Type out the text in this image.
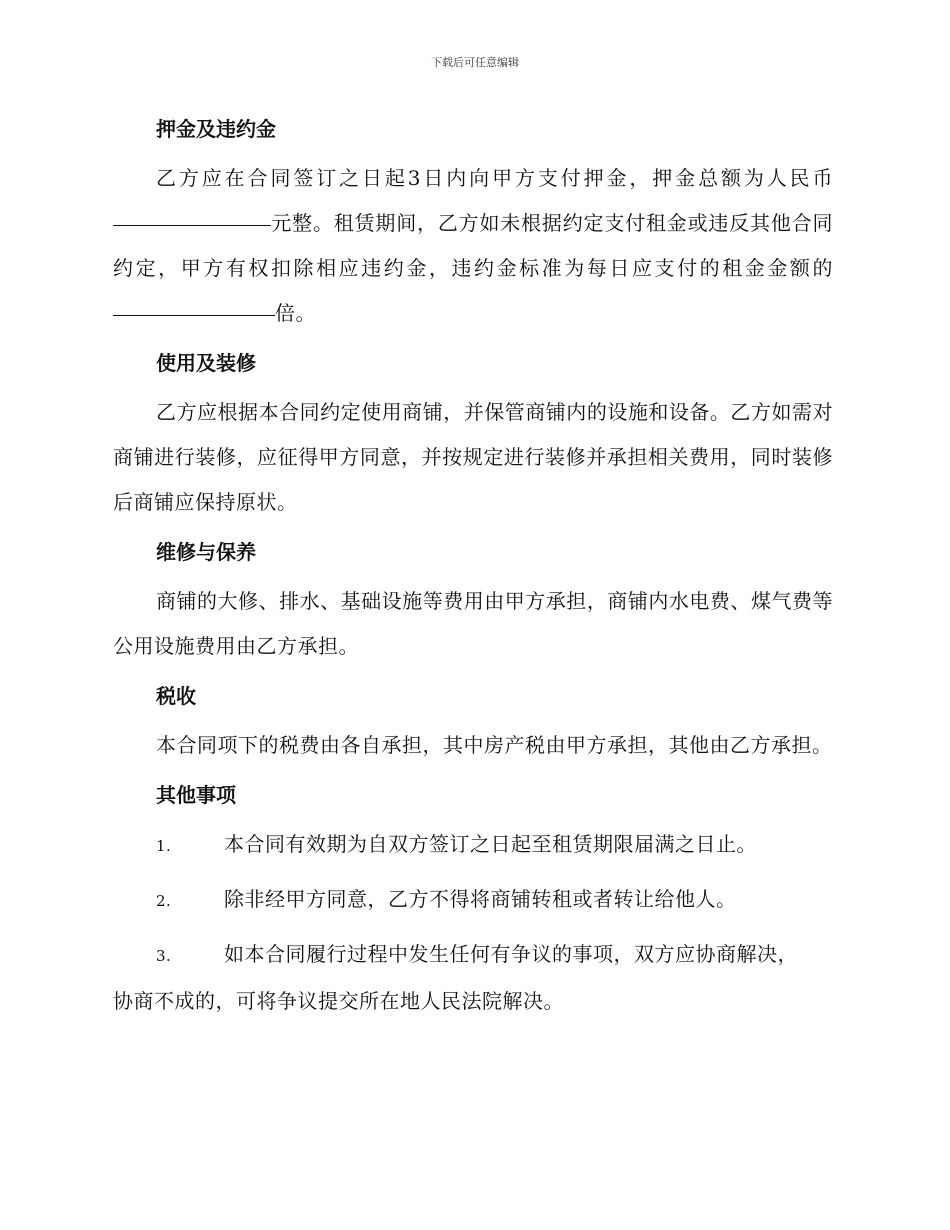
下载后可任意编辑
押金及违约金

乙方应在合同签订之日起3日内向甲方支付押金，押金总额为人民币元整。租赁期间，乙方如未根据约定支付租金或违反其他合同约定，甲方有权扣除相应违约金，违约金标准为每日应支付的租金金额的倍。

使用及装修

乙方应根据本合同约定使用商铺，并保管商铺内的设施和设备。乙方如需对商铺进行装修，应征得甲方同意，并按规定进行装修并承担相关费用，同时装修后商铺应保持原状。

维修与保养

商铺的大修、排水、基础设施等费用由甲方承担，商铺内水电费、煤气费等公用设施费用由乙方承担。

税收

本合同项下的税费由各自承担，其中房产税由甲方承担，其他由乙方承担。

其他事项

1.	本合同有效期为自双方签订之日起至租赁期限届满之日止。

2.	除非经甲方同意，乙方不得将商铺转租或者转让给他人。

3.	如本合同履行过程中发生任何有争议的事项，双方应协商解决，

协商不成的，可将争议提交所在地人民法院解决。
